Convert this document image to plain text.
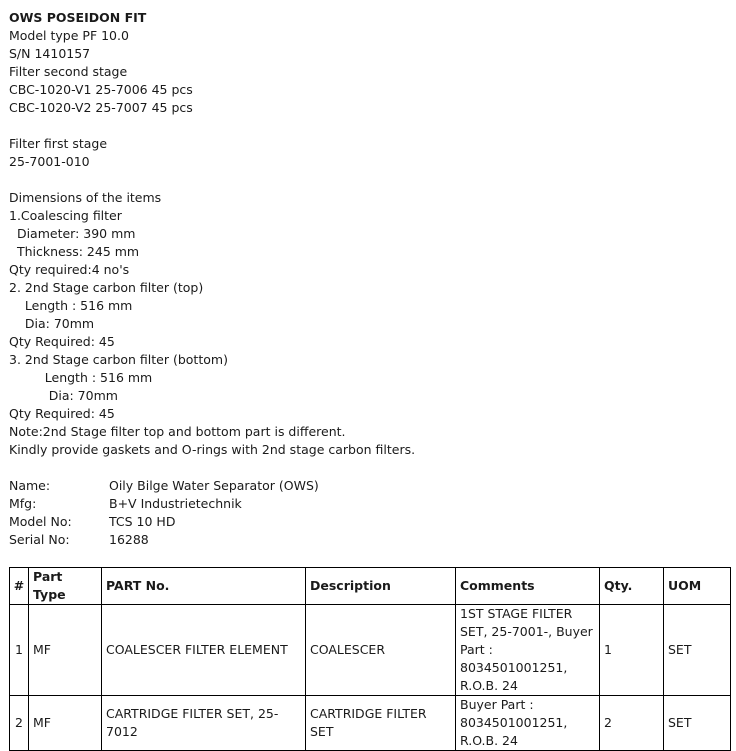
OWS POSEIDON FIT
Model type PF 10.0
S/N 1410157
Filter second stage
CBC-1020-V1 25-7006 45 pcs
CBC-1020-V2 25-7007 45 pcs
Filter first stage
25-7001-010
Dimensions of the items
1.Coalescing filter
Diameter: 390 mm
Thickness: 245 mm
Qty required:4 no's
2. 2nd Stage carbon filter (top)
Length : 516 mm
Dia: 70mm
Qty Required: 45
3. 2nd Stage carbon filter (bottom)
Length : 516 mm
Dia: 70mm
Qty Required: 45
Note:2nd Stage filter top and bottom part is different.
Kindly provide gaskets and O-rings with 2nd stage carbon filters.
Name:	Oily Bilge Water Separator (OWS)
Mfg:	B+V Industrietechnik
Model No:	TCS 10 HD
Serial No:	16288
#	Part Type	PART No.	Description	Comments	Qty.	UOM
1	MF	COALESCER FILTER ELEMENT	COALESCER	1ST STAGE FILTER SET, 25-7001-, Buyer Part : 8034501001251, R.O.B. 24	1	SET
2	MF	CARTRIDGE FILTER SET, 25-7012	CARTRIDGE FILTER SET	Buyer Part : 8034501001251, R.O.B. 24	2	SET
